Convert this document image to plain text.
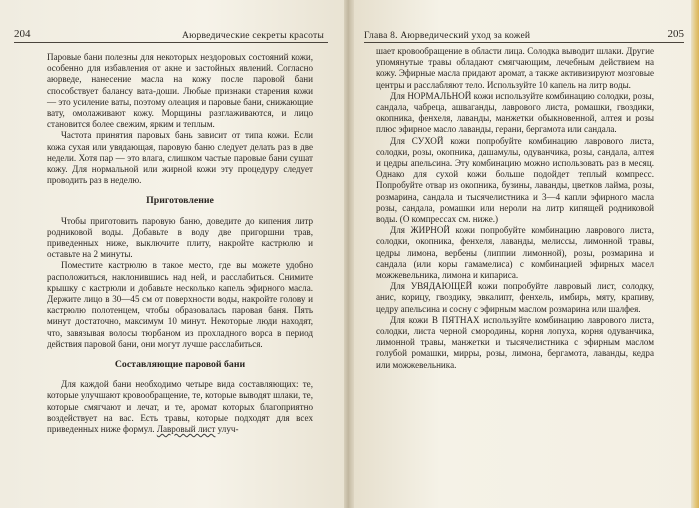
204	Аюрведические секреты красоты

Паровые бани полезны для некоторых нездоровых состояний кожи, особенно для избавления от акне и застойных явлений. Согласно аюрведе, нанесение масла на кожу после паровой бани способствует балансу вата-доши. Любые признаки старения кожи — это усиление ваты, поэтому олеация и паровые бани, снижающие вату, омолаживают кожу. Морщины разглаживаются, и лицо становится более свежим, ярким и теплым.

Частота принятия паровых бань зависит от типа кожи. Если кожа сухая или увядающая, паровую баню следует делать раз в две недели. Хотя пар — это влага, слишком частые паровые бани сушат кожу. Для нормальной или жирной кожи эту процедуру следует проводить раз в неделю.

Приготовление

Чтобы приготовить паровую баню, доведите до кипения литр родниковой воды. Добавьте в воду две пригоршни трав, приведенных ниже, выключите плиту, накройте кастрюлю и оставьте на 2 минуты.

Поместите кастрюлю в такое место, где вы можете удобно расположиться, наклонившись над ней, и расслабиться. Снимите крышку с кастрюли и добавьте несколько капель эфирного масла. Держите лицо в 30—45 см от поверхности воды, накройте голову и кастрюлю полотенцем, чтобы образовалась паровая баня. Пять минут достаточно, максимум 10 минут. Некоторые люди находят, что, завязывая волосы тюрбаном из прохладного ворса в период действия паровой бани, они могут лучше расслабиться.

Составляющие паровой бани

Для каждой бани необходимо четыре вида составляющих: те, которые улучшают кровообращение, те, которые выводят шлаки, те, которые смягчают и лечат, и те, аромат которых благоприятно воздействует на вас. Есть травы, которые подходят для всех приведенных ниже формул. Лавровый лист улуч-

Глава 8. Аюрведический уход за кожей	205

шает кровообращение в области лица. Солодка выводит шлаки. Другие упомянутые травы обладают смягчающим, лечебным действием на кожу. Эфирные масла придают аромат, а также активизируют мозговые центры и расслабляют тело. Используйте 10 капель на литр воды.

Для НОРМАЛЬНОЙ кожи используйте комбинацию солодки, розы, сандала, чабреца, ашваганды, лаврового листа, ромашки, гвоздики, окопника, фенхеля, лаванды, манжетки обыкновенной, алтея и розы плюс эфирное масло лаванды, герани, бергамота или сандала.

Для СУХОЙ кожи попробуйте комбинацию лаврового листа, солодки, розы, окопника, дашамулы, одуванчика, розы, сандала, алтея и цедры апельсина. Эту комбинацию можно использовать раз в месяц. Однако для сухой кожи больше подойдет теплый компресс. Попробуйте отвар из окопника, бузины, лаванды, цветков лайма, розы, розмарина, сандала и тысячелистника и 3—4 капли эфирного масла розы, сандала, ромашки или нероли на литр кипящей родниковой воды. (О компрессах см. ниже.)

Для ЖИРНОЙ кожи попробуйте комбинацию лаврового листа, солодки, окопника, фенхеля, лаванды, мелиссы, лимонной травы, цедры лимона, вербены (липпии лимонной), розы, розмарина и сандала (или коры гамамелиса) с комбинацией эфирных масел можжевельника, лимона и кипариса.

Для УВЯДАЮЩЕЙ кожи попробуйте лавровый лист, солодку, анис, корицу, гвоздику, эвкалипт, фенхель, имбирь, мяту, крапиву, цедру апельсина и сосну с эфирным маслом розмарина или шалфея.

Для кожи В ПЯТНАХ используйте комбинацию лаврового листа, солодки, листа черной смородины, корня лопуха, корня одуванчика, лимонной травы, манжетки и тысячелистника с эфирным маслом голубой ромашки, мирры, розы, лимона, бергамота, лаванды, кедра или можжевельника.
